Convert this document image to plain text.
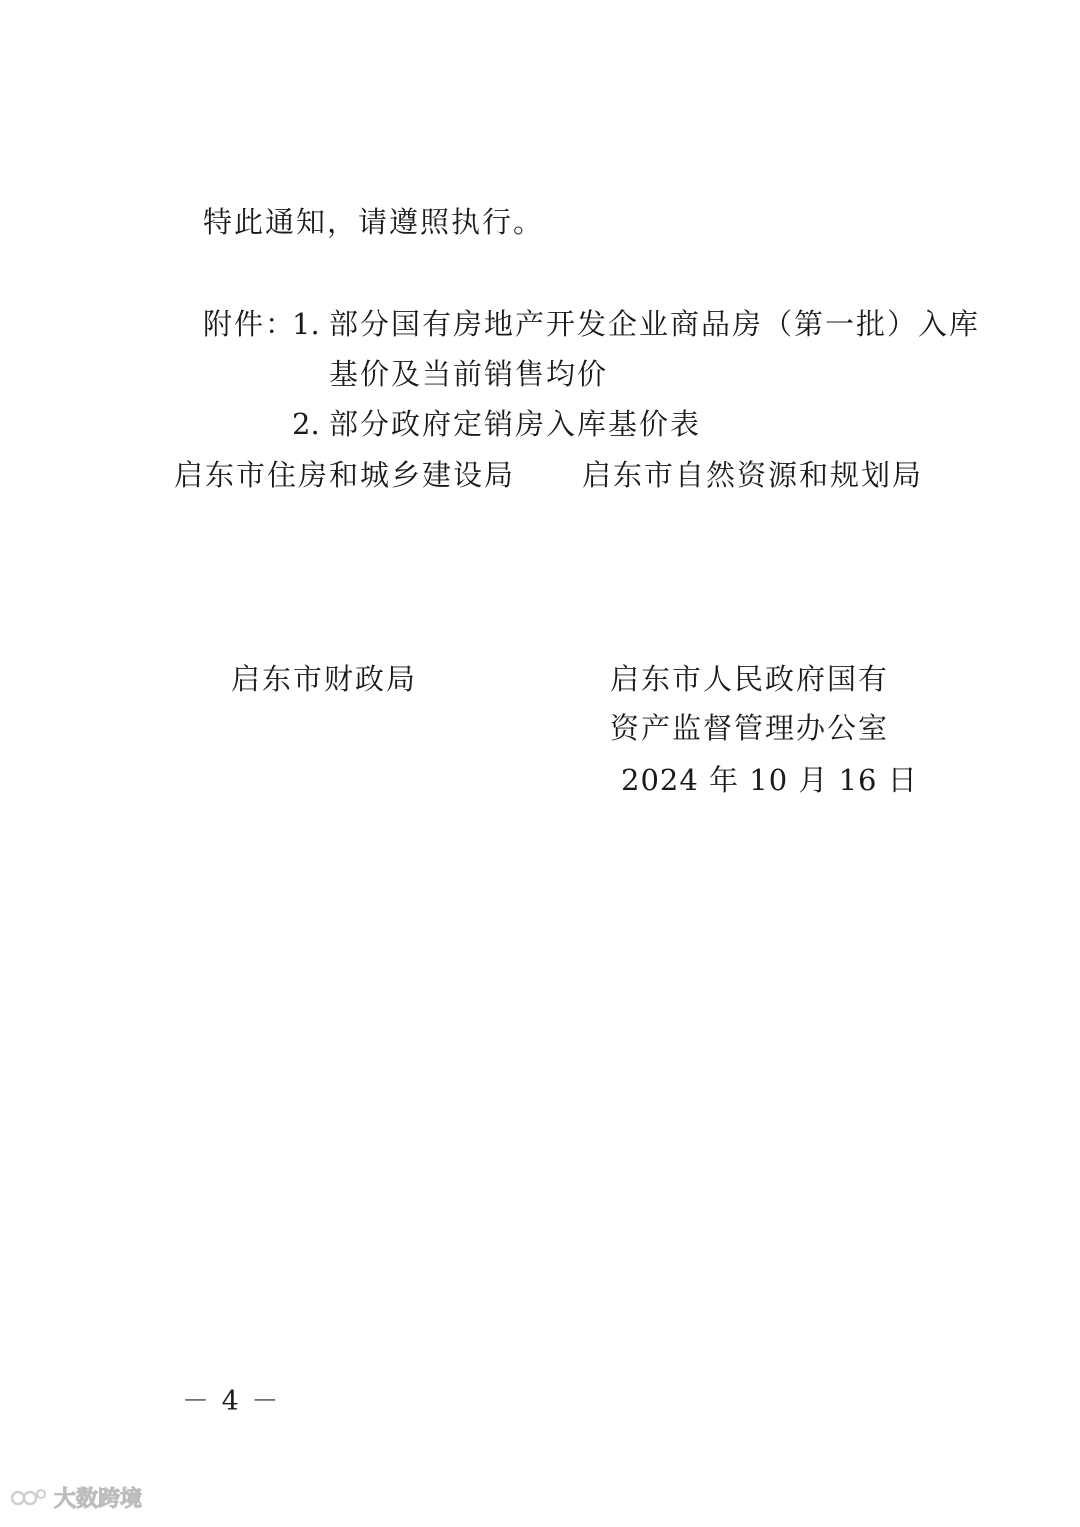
特此通知，请遵照执行。
附件：
1. 部分国有房地产开发企业商品房（第一批）入库
基价及当前销售均价
2. 部分政府定销房入库基价表
启东市住房和城乡建设局 启东市自然资源和规划局
启东市财政局	启东市人民政府国有
资产监督管理办公室
2024 年 10 月 16 日
－ 4 －
大数跨境
